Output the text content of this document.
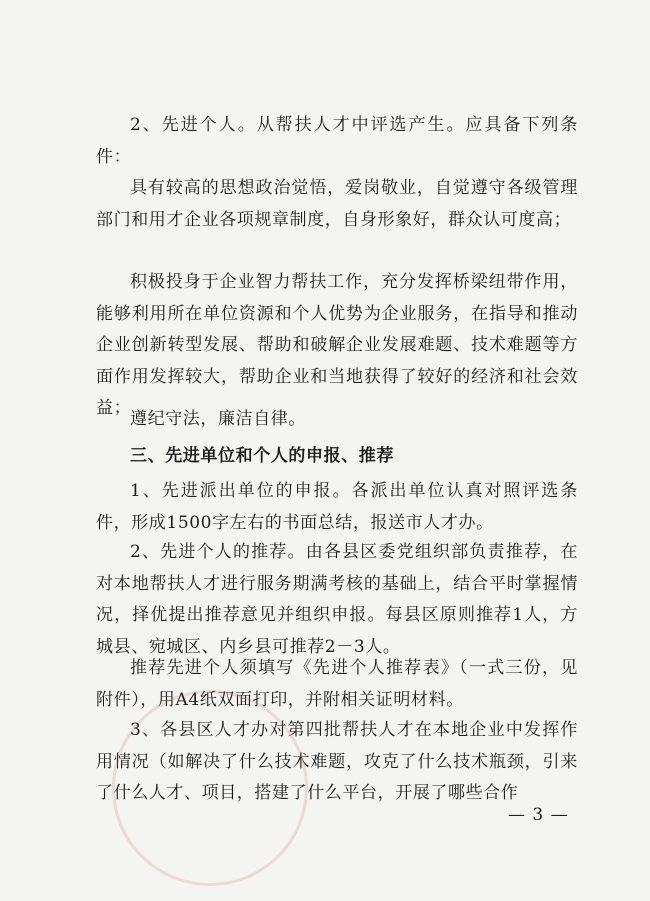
2、先进个人。从帮扶人才中评选产生。应具备下列条件：

具有较高的思想政治觉悟，爱岗敬业，自觉遵守各级管理部门和用才企业各项规章制度，自身形象好，群众认可度高；

积极投身于企业智力帮扶工作，充分发挥桥梁纽带作用，能够利用所在单位资源和个人优势为企业服务，在指导和推动企业创新转型发展、帮助和破解企业发展难题、技术难题等方面作用发挥较大，帮助企业和当地获得了较好的经济和社会效益；

遵纪守法，廉洁自律。

三、先进单位和个人的申报、推荐

1、先进派出单位的申报。各派出单位认真对照评选条件，形成1500字左右的书面总结，报送市人才办。

2、先进个人的推荐。由各县区委党组织部负责推荐，在对本地帮扶人才进行服务期满考核的基础上，结合平时掌握情况，择优提出推荐意见并组织申报。每县区原则推荐1人，方城县、宛城区、内乡县可推荐2－3人。

推荐先进个人须填写《先进个人推荐表》（一式三份，见附件），用A4纸双面打印，并附相关证明材料。

3、各县区人才办对第四批帮扶人才在本地企业中发挥作用情况（如解决了什么技术难题，攻克了什么技术瓶颈，引来了什么人才、项目，搭建了什么平台，开展了哪些合作

— 3 —
